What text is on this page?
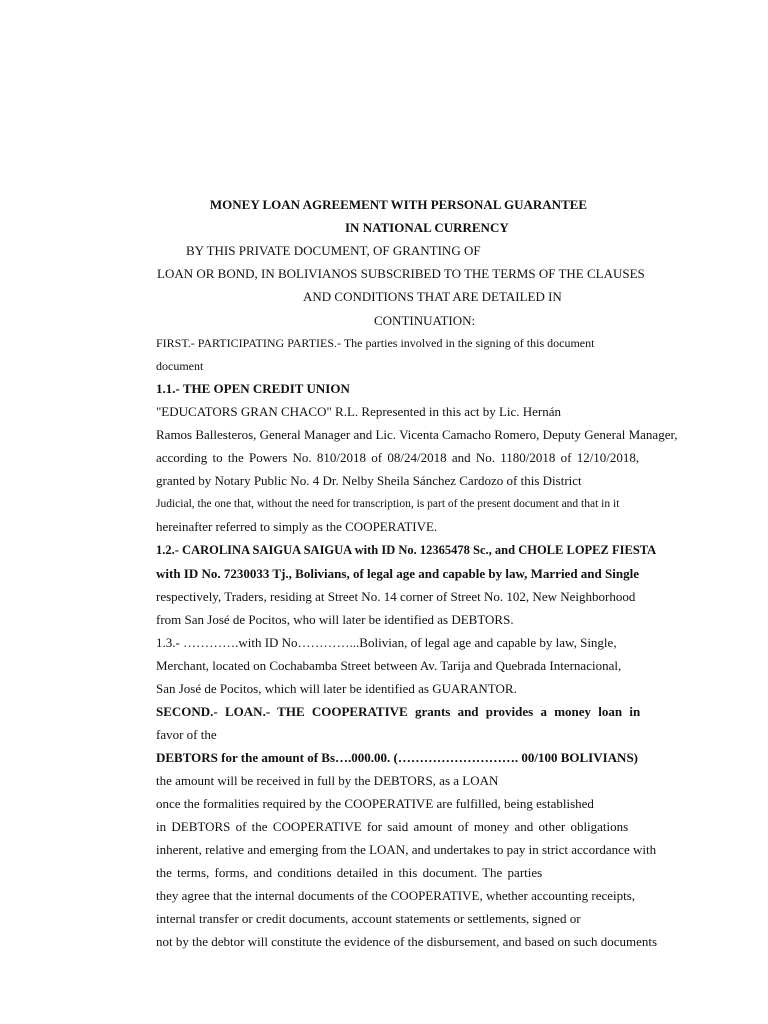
MONEY LOAN AGREEMENT WITH PERSONAL GUARANTEE
IN NATIONAL CURRENCY
BY THIS PRIVATE DOCUMENT, OF GRANTING OF
LOAN OR BOND, IN BOLIVIANOS SUBSCRIBED TO THE TERMS OF THE CLAUSES
AND CONDITIONS THAT ARE DETAILED IN
CONTINUATION:
FIRST.- PARTICIPATING PARTIES.- The parties involved in the signing of this document
document
1.1.- THE OPEN CREDIT UNION
"EDUCATORS GRAN CHACO" R.L. Represented in this act by Lic. Hernán
Ramos Ballesteros, General Manager and Lic. Vicenta Camacho Romero, Deputy General Manager,
according to the Powers No. 810/2018 of 08/24/2018 and No. 1180/2018 of 12/10/2018,
granted by Notary Public No. 4 Dr. Nelby Sheila Sánchez Cardozo of this District
Judicial, the one that, without the need for transcription, is part of the present document and that in it
hereinafter referred to simply as the COOPERATIVE.
1.2.- CAROLINA SAIGUA SAIGUA with ID No. 12365478 Sc., and CHOLE LOPEZ FIESTA
with ID No. 7230033 Tj., Bolivians, of legal age and capable by law, Married and Single
respectively, Traders, residing at Street No. 14 corner of Street No. 102, New Neighborhood
from San José de Pocitos, who will later be identified as DEBTORS.
1.3.- ………….with ID No…………...Bolivian, of legal age and capable by law, Single,
Merchant, located on Cochabamba Street between Av. Tarija and Quebrada Internacional,
San José de Pocitos, which will later be identified as GUARANTOR.
SECOND.- LOAN.- THE COOPERATIVE grants and provides a money loan in
favor of the
DEBTORS for the amount of Bs….000.00. (………………………. 00/100 BOLIVIANS)
the amount will be received in full by the DEBTORS, as a LOAN
once the formalities required by the COOPERATIVE are fulfilled, being established
in DEBTORS of the COOPERATIVE for said amount of money and other obligations
inherent, relative and emerging from the LOAN, and undertakes to pay in strict accordance with
the terms, forms, and conditions detailed in this document. The parties
they agree that the internal documents of the COOPERATIVE, whether accounting receipts,
internal transfer or credit documents, account statements or settlements, signed or
not by the debtor will constitute the evidence of the disbursement, and based on such documents
